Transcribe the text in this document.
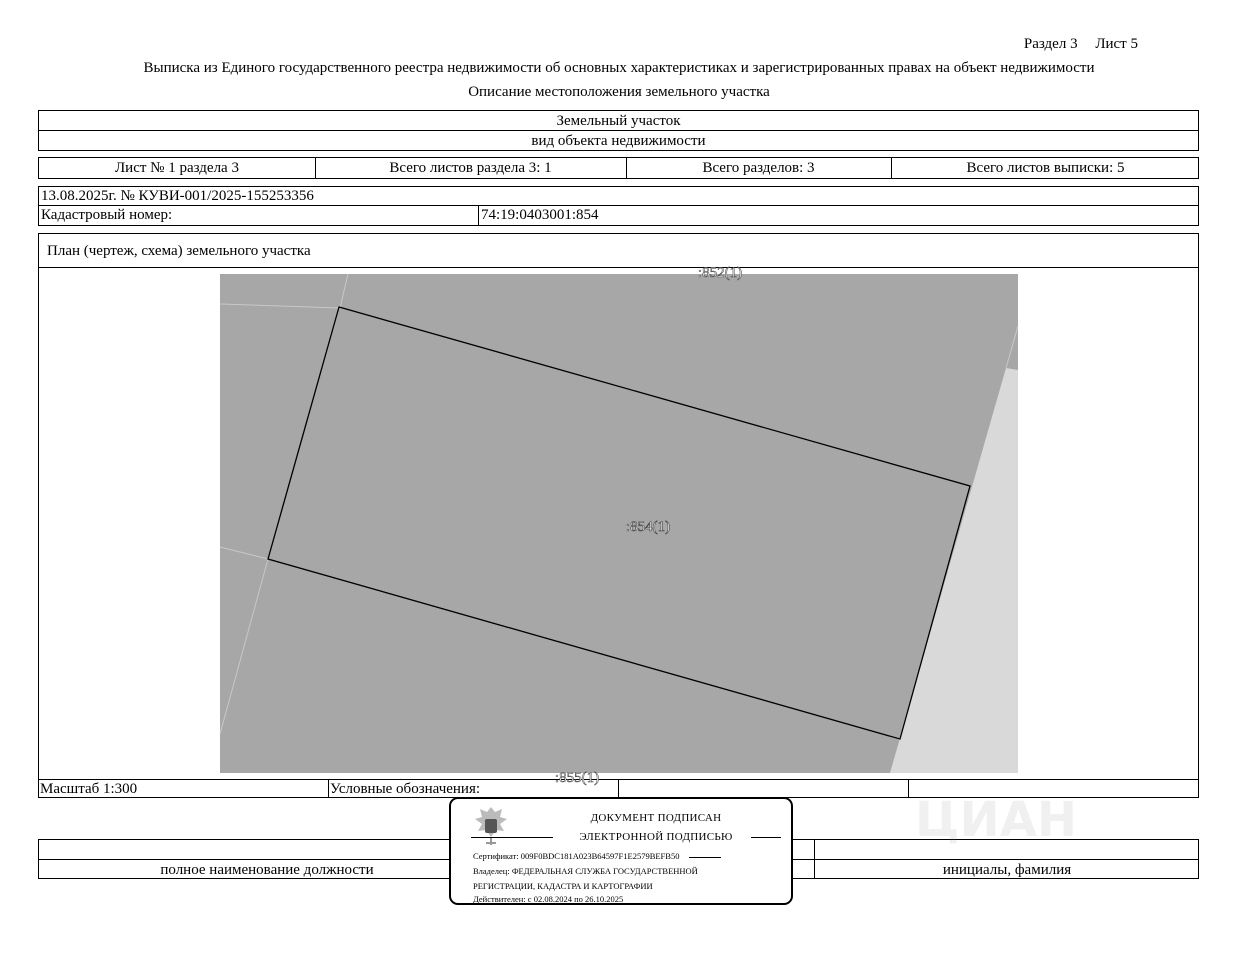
Раздел 3 Лист 5
Выписка из Единого государственного реестра недвижимости об основных характеристиках и зарегистрированных правах на объект недвижимости
Описание местоположения земельного участка
Земельный участок
вид объекта недвижимости
Лист № 1 раздела 3	Всего листов раздела 3: 1	Всего разделов: 3	Всего листов выписки: 5
13.08.2025г. № КУВИ-001/2025-155253356
Кадастровый номер:	74:19:0403001:854
План (чертеж, схема) земельного участка
Масштаб 1:300	Условные обозначения:
:852(1)
:854(1)
:855(1)
полное наименование должности	инициалы, фамилия
ЦИАН
ДОКУМЕНТ ПОДПИСАН
ЭЛЕКТРОННОЙ ПОДПИСЬЮ
Сертификат: 009F0BDC181A023B64597F1E2579BEFB50
Владелец: ФЕДЕРАЛЬНАЯ СЛУЖБА ГОСУДАРСТВЕННОЙ
РЕГИСТРАЦИИ, КАДАСТРА И КАРТОГРАФИИ
Действителен: с 02.08.2024 по 26.10.2025
